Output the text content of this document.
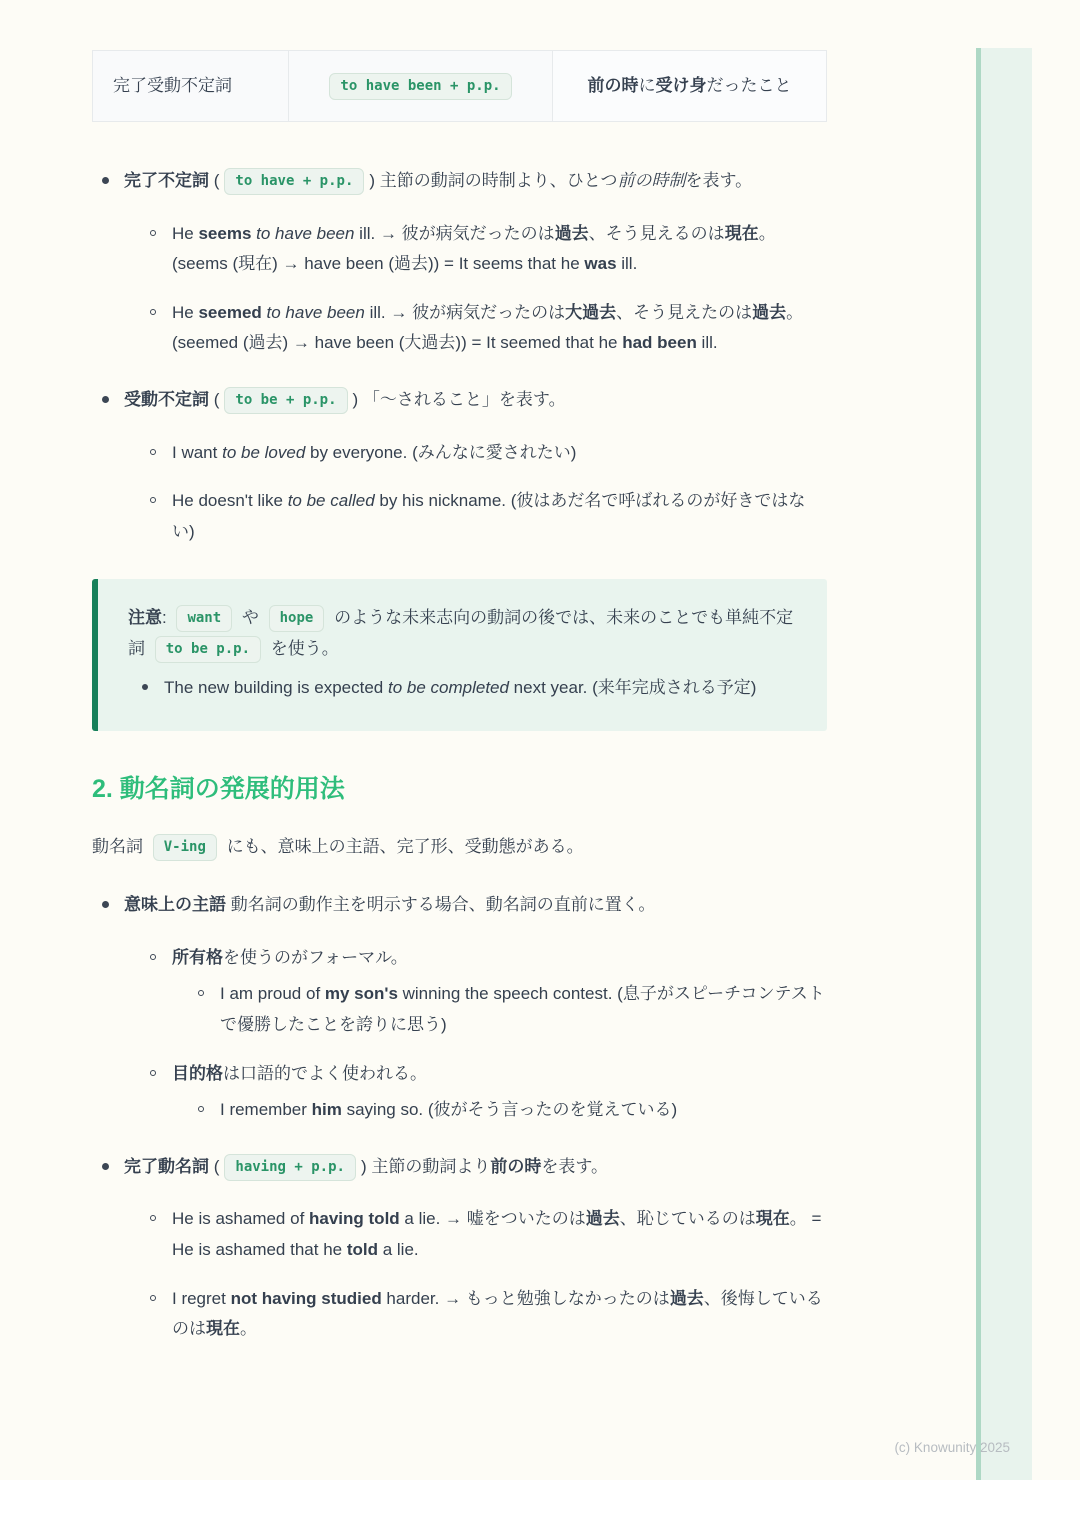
完了受動不定詞	to have been + p.p.	前の時に受け身だったこと
完了不定詞 ( to have + p.p. ) 主節の動詞の時制より、ひとつ前の時制を表す。
He seems to have been ill. → 彼が病気だったのは過去、そう見えるのは現在。(seems (現在) → have been (過去)) = It seems that he was ill.
He seemed to have been ill. → 彼が病気だったのは大過去、そう見えたのは過去。(seemed (過去) → have been (大過去)) = It seemed that he had been ill.
受動不定詞 ( to be + p.p. ) 「〜されること」を表す。
I want to be loved by everyone. (みんなに愛されたい)
He doesn't like to be called by his nickname. (彼はあだ名で呼ばれるのが好きではない)
注意: want や hope のような未来志向の動詞の後では、未来のことでも単純不定詞 to be p.p. を使う。
The new building is expected to be completed next year. (来年完成される予定)
2. 動名詞の発展的用法

動名詞 V-ing にも、意味上の主語、完了形、受動態がある。

意味上の主語 動名詞の動作主を明示する場合、動名詞の直前に置く。
所有格を使うのがフォーマル。
I am proud of my son's winning the speech contest. (息子がスピーチコンテストで優勝したことを誇りに思う)
目的格は口語的でよく使われる。
I remember him saying so. (彼がそう言ったのを覚えている)
完了動名詞 ( having + p.p. ) 主節の動詞より前の時を表す。
He is ashamed of having told a lie. → 嘘をついたのは過去、恥じているのは現在。 = He is ashamed that he told a lie.
I regret not having studied harder. → もっと勉強しなかったのは過去、後悔しているのは現在。
(c) Knowunity 2025
